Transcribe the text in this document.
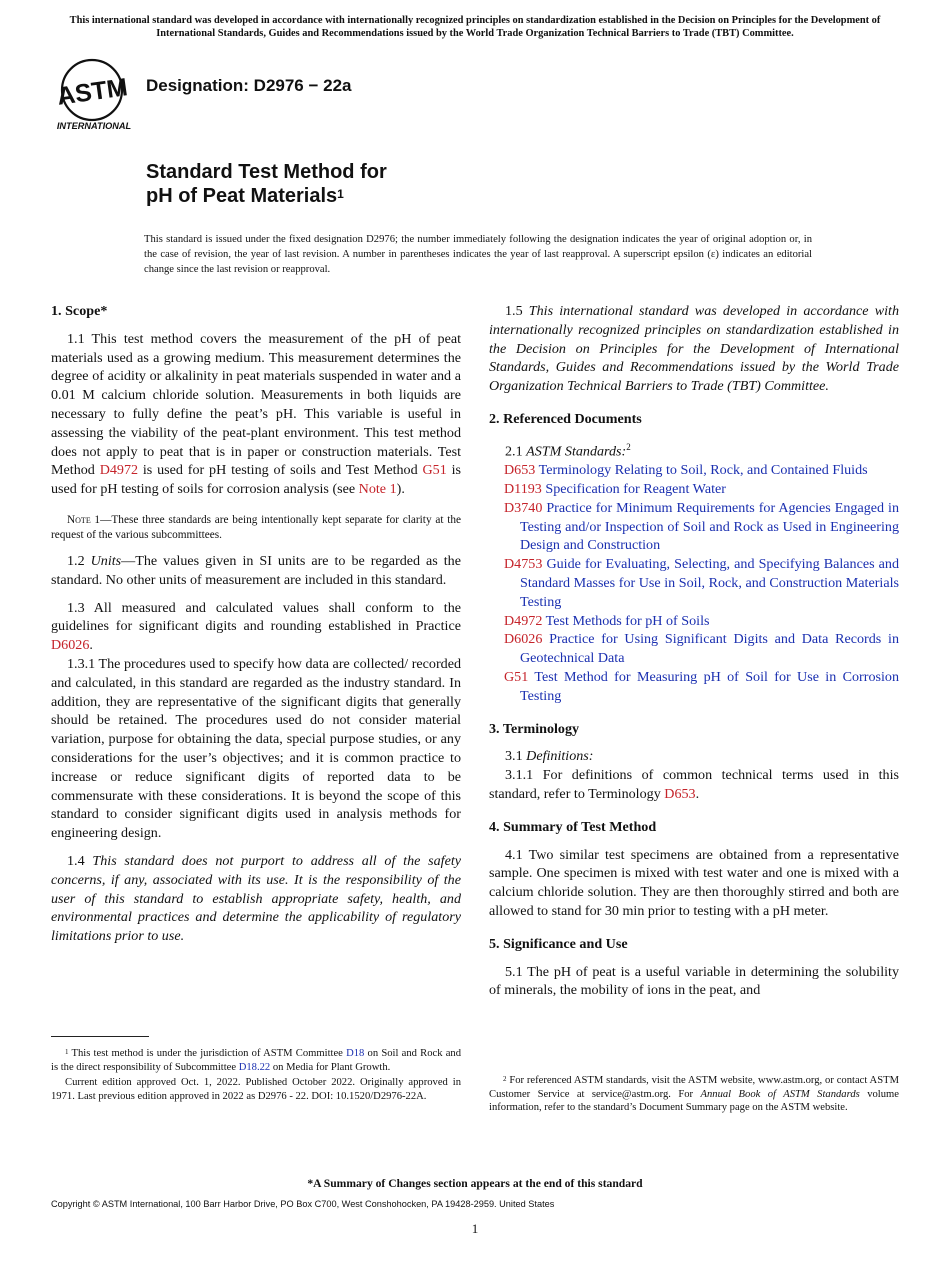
This international standard was developed in accordance with internationally recognized principles on standardization established in the Decision on Principles for the Development of International Standards, Guides and Recommendations issued by the World Trade Organization Technical Barriers to Trade (TBT) Committee.
ASTM
INTERNATIONAL
Designation: D2976 − 22a
Standard Test Method for
pH of Peat Materials$^1$
This standard is issued under the fixed designation D2976; the number immediately following the designation indicates the year of original adoption or, in the case of revision, the year of last revision. A number in parentheses indicates the year of last reapproval. A superscript epsilon (ε) indicates an editorial change since the last revision or reapproval.
1. Scope*

1.1 This test method covers the measurement of the pH of peat materials used as a growing medium. This measurement determines the degree of acidity or alkalinity in peat materials suspended in water and a 0.01 M calcium chloride solution. Measurements in both liquids are necessary to fully define the peat’s pH. This variable is useful in assessing the viability of the peat-plant environment. This test method does not apply to peat that is in paper or construction materials. Test Method D4972 is used for pH testing of soils and Test Method G51 is used for pH testing of soils for corrosion analysis (see Note 1).

Note 1—These three standards are being intentionally kept separate for clarity at the request of the various subcommittees.

1.2 Units—The values given in SI units are to be regarded as the standard. No other units of measurement are included in this standard.

1.3 All measured and calculated values shall conform to the guidelines for significant digits and rounding established in Practice D6026.

1.3.1 The procedures used to specify how data are collected/ recorded and calculated, in this standard are regarded as the industry standard. In addition, they are representative of the significant digits that generally should be retained. The procedures used do not consider material variation, purpose for obtaining the data, special purpose studies, or any considerations for the user’s objectives; and it is common practice to increase or reduce significant digits of reported data to be commensurate with these considerations. It is beyond the scope of this standard to consider significant digits used in analysis methods for engineering design.

1.4 This standard does not purport to address all of the safety concerns, if any, associated with its use. It is the responsibility of the user of this standard to establish appropriate safety, health, and environmental practices and determine the applicability of regulatory limitations prior to use.

1.5 This international standard was developed in accordance with internationally recognized principles on standardization established in the Decision on Principles for the Development of International Standards, Guides and Recommendations issued by the World Trade Organization Technical Barriers to Trade (TBT) Committee.

2. Referenced Documents

2.1 ASTM Standards:$^2$

D653 Terminology Relating to Soil, Rock, and Contained Fluids

D1193 Specification for Reagent Water

D3740 Practice for Minimum Requirements for Agencies Engaged in Testing and/or Inspection of Soil and Rock as Used in Engineering Design and Construction

D4753 Guide for Evaluating, Selecting, and Specifying Balances and Standard Masses for Use in Soil, Rock, and Construction Materials Testing

D4972 Test Methods for pH of Soils

D6026 Practice for Using Significant Digits and Data Records in Geotechnical Data

G51 Test Method for Measuring pH of Soil for Use in Corrosion Testing

3. Terminology

3.1 Definitions:

3.1.1 For definitions of common technical terms used in this standard, refer to Terminology D653.

4. Summary of Test Method

4.1 Two similar test specimens are obtained from a representative sample. One specimen is mixed with test water and one is mixed with a calcium chloride solution. They are then thoroughly stirred and both are allowed to stand for 30 min prior to testing with a pH meter.

5. Significance and Use

5.1 The pH of peat is a useful variable in determining the solubility of minerals, the mobility of ions in the peat, and

$^1$ This test method is under the jurisdiction of ASTM Committee D18 on Soil and Rock and is the direct responsibility of Subcommittee D18.22 on Media for Plant Growth.

Current edition approved Oct. 1, 2022. Published October 2022. Originally approved in 1971. Last previous edition approved in 2022 as D2976 - 22. DOI: 10.1520/D2976-22A.

$^2$ For referenced ASTM standards, visit the ASTM website, www.astm.org, or contact ASTM Customer Service at service@astm.org. For Annual Book of ASTM Standards volume information, refer to the standard’s Document Summary page on the ASTM website.

*A Summary of Changes section appears at the end of this standard
Copyright © ASTM International, 100 Barr Harbor Drive, PO Box C700, West Conshohocken, PA 19428-2959. United States
1
